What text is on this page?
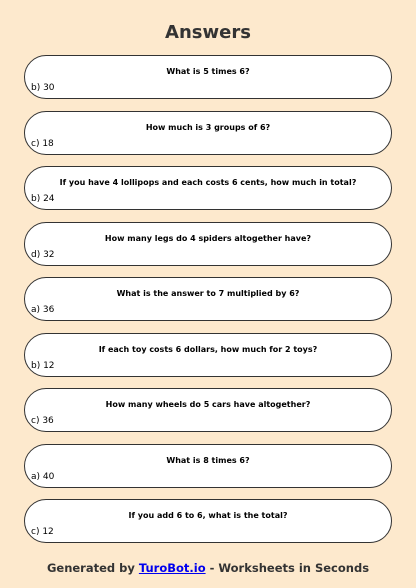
Answers
What is 5 times 6?
b) 30
How much is 3 groups of 6?
c) 18
If you have 4 lollipops and each costs 6 cents, how much in total?
b) 24
How many legs do 4 spiders altogether have?
d) 32
What is the answer to 7 multiplied by 6?
a) 36
If each toy costs 6 dollars, how much for 2 toys?
b) 12
How many wheels do 5 cars have altogether?
c) 36
What is 8 times 6?
a) 40
If you add 6 to 6, what is the total?
c) 12
Generated by TuroBot.io - Worksheets in Seconds
